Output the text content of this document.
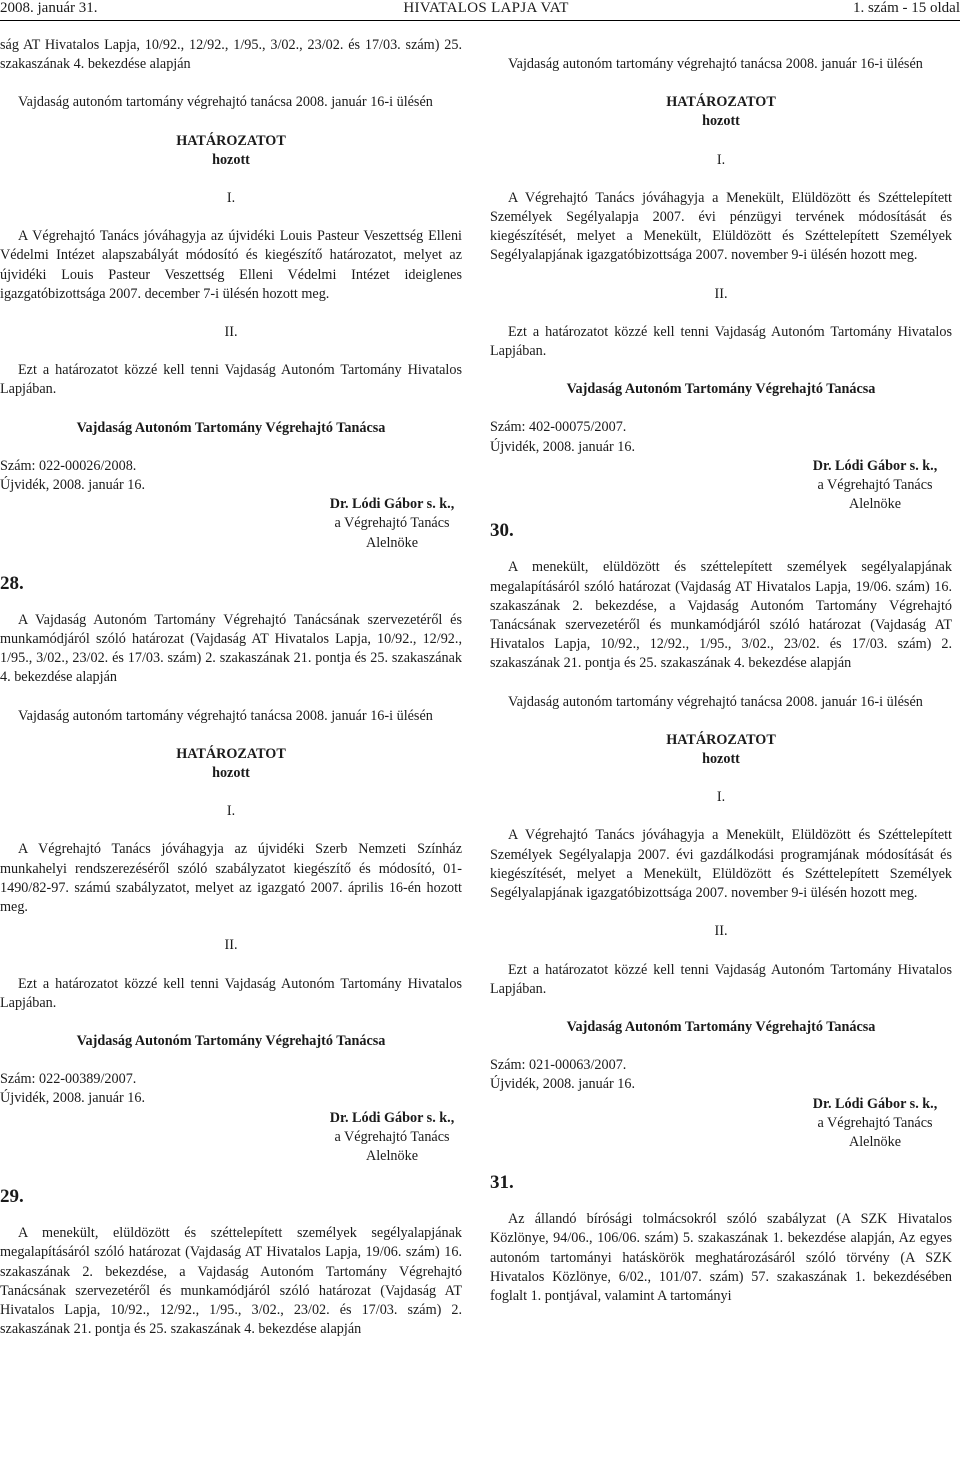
2008. január 31.	HIVATALOS LAPJA VAT	1. szám - 15 oldal

ság AT Hivatalos Lapja, 10/92., 12/92., 1/95., 3/02., 23/02. és 17/03. szám) 25. szakaszának 4. bekezdése alapján

Vajdaság autonóm tartomány végrehajtó tanácsa 2008. január 16-i ülésén

HATÁROZATOT

hozott

I.

A Végrehajtó Tanács jóváhagyja az újvidéki Louis Pasteur Veszettség Elleni Védelmi Intézet alapszabályát módosító és kiegészítő határozatot, melyet az újvidéki Louis Pasteur Veszettség Elleni Védelmi Intézet ideiglenes igazgatóbizottsága 2007. december 7-i ülésén hozott meg.

II.

Ezt a határozatot közzé kell tenni Vajdaság Autonóm Tartomány Hivatalos Lapjában.

Vajdaság Autonóm Tartomány Végrehajtó Tanácsa

Szám: 022-00026/2008.

Újvidék, 2008. január 16.

Dr. Lódi Gábor s. k.,

a Végrehajtó Tanács

Alelnöke

28.

A Vajdaság Autonóm Tartomány Végrehajtó Tanácsának szervezetéről és munkamódjáról szóló határozat (Vajdaság AT Hivatalos Lapja, 10/92., 12/92., 1/95., 3/02., 23/02. és 17/03. szám) 2. szakaszának 21. pontja és 25. szakaszának 4. bekezdése alapján

Vajdaság autonóm tartomány végrehajtó tanácsa 2008. január 16-i ülésén

HATÁROZATOT

hozott

I.

A Végrehajtó Tanács jóváhagyja az újvidéki Szerb Nemzeti Színház munkahelyi rendszerezéséről szóló szabályzatot kiegészítő és módosító, 01-1490/82-97. számú szabályzatot, melyet az igazgató 2007. április 16-én hozott meg.

II.

Ezt a határozatot közzé kell tenni Vajdaság Autonóm Tartomány Hivatalos Lapjában.

Vajdaság Autonóm Tartomány Végrehajtó Tanácsa

Szám: 022-00389/2007.

Újvidék, 2008. január 16.

Dr. Lódi Gábor s. k.,

a Végrehajtó Tanács

Alelnöke

29.

A menekült, elüldözött és széttelepített személyek segélyalapjának megalapításáról szóló határozat (Vajdaság AT Hivatalos Lapja, 19/06. szám) 16. szakaszának 2. bekezdése, a Vajdaság Autonóm Tartomány Végrehajtó Tanácsának szervezetéről és munkamódjáról szóló határozat (Vajdaság AT Hivatalos Lapja, 10/92., 12/92., 1/95., 3/02., 23/02. és 17/03. szám) 2. szakaszának 21. pontja és 25. szakaszának 4. bekezdése alapján

Vajdaság autonóm tartomány végrehajtó tanácsa 2008. január 16-i ülésén

HATÁROZATOT

hozott

I.

A Végrehajtó Tanács jóváhagyja a Menekült, Elüldözött és Széttelepített Személyek Segélyalapja 2007. évi pénzügyi tervének módosítását és kiegészítését, melyet a Menekült, Elüldözött és Széttelepített Személyek Segélyalapjának igazgatóbizottsága 2007. november 9-i ülésén hozott meg.

II.

Ezt a határozatot közzé kell tenni Vajdaság Autonóm Tartomány Hivatalos Lapjában.

Vajdaság Autonóm Tartomány Végrehajtó Tanácsa

Szám: 402-00075/2007.

Újvidék, 2008. január 16.

Dr. Lódi Gábor s. k.,

a Végrehajtó Tanács

Alelnöke

30.

A menekült, elüldözött és széttelepített személyek segélyalapjának megalapításáról szóló határozat (Vajdaság AT Hivatalos Lapja, 19/06. szám) 16. szakaszának 2. bekezdése, a Vajdaság Autonóm Tartomány Végrehajtó Tanácsának szervezetéről és munkamódjáról szóló határozat (Vajdaság AT Hivatalos Lapja, 10/92., 12/92., 1/95., 3/02., 23/02. és 17/03. szám) 2. szakaszának 21. pontja és 25. szakaszának 4. bekezdése alapján

Vajdaság autonóm tartomány végrehajtó tanácsa 2008. január 16-i ülésén

HATÁROZATOT

hozott

I.

A Végrehajtó Tanács jóváhagyja a Menekült, Elüldözött és Széttelepített Személyek Segélyalapja 2007. évi gazdálkodási programjának módosítását és kiegészítését, melyet a Menekült, Elüldözött és Széttelepített Személyek Segélyalapjának igazgatóbizottsága 2007. november 9-i ülésén hozott meg.

II.

Ezt a határozatot közzé kell tenni Vajdaság Autonóm Tartomány Hivatalos Lapjában.

Vajdaság Autonóm Tartomány Végrehajtó Tanácsa

Szám: 021-00063/2007.

Újvidék, 2008. január 16.

Dr. Lódi Gábor s. k.,

a Végrehajtó Tanács

Alelnöke

31.

Az állandó bírósági tolmácsokról szóló szabályzat (A SZK Hivatalos Közlönye, 94/06., 106/06. szám) 5. szakaszának 1. bekezdése alapján, Az egyes autonóm tartományi hatáskörök meghatározásáról szóló törvény (A SZK Hivatalos Közlönye, 6/02., 101/07. szám) 57. szakaszának 1. bekezdésében foglalt 1. pontjával, valamint A tartományi
